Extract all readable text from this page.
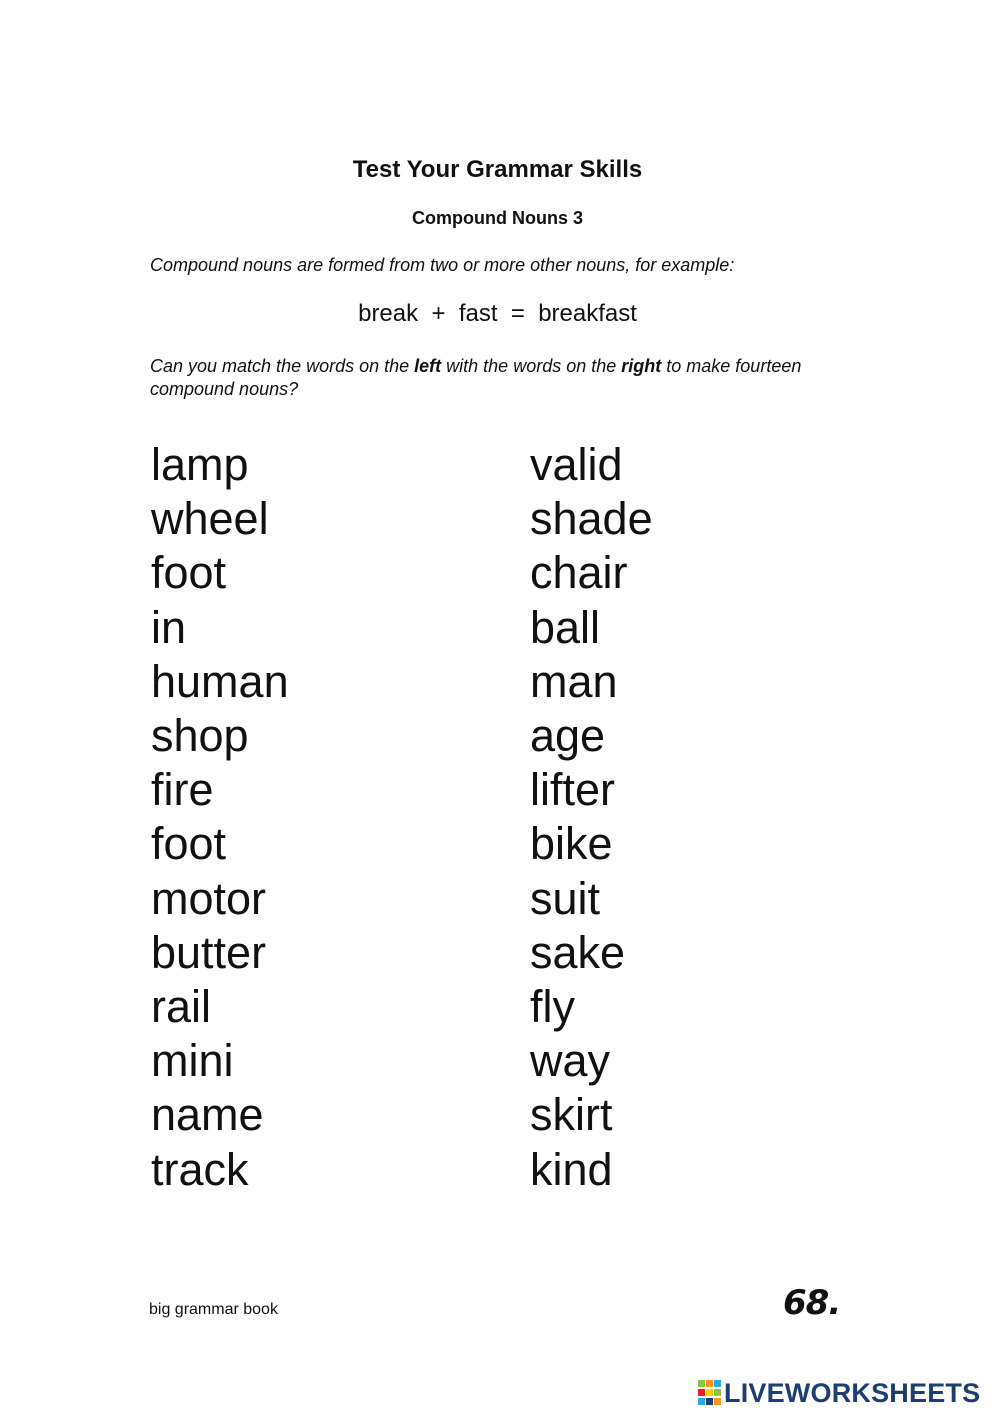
Test Your Grammar Skills
Compound Nouns 3
Compound nouns are formed from two or more other nouns, for example:
break  +  fast  =  breakfast
Can you match the words on the left with the words on the right to make fourteen compound nouns?
lamp
wheel
foot
in
human
shop
fire
foot
motor
butter
rail
mini
name
track
valid
shade
chair
ball
man
age
lifter
bike
suit
sake
fly
way
skirt
kind
big grammar book	68.
LIVEWORKSHEETS
